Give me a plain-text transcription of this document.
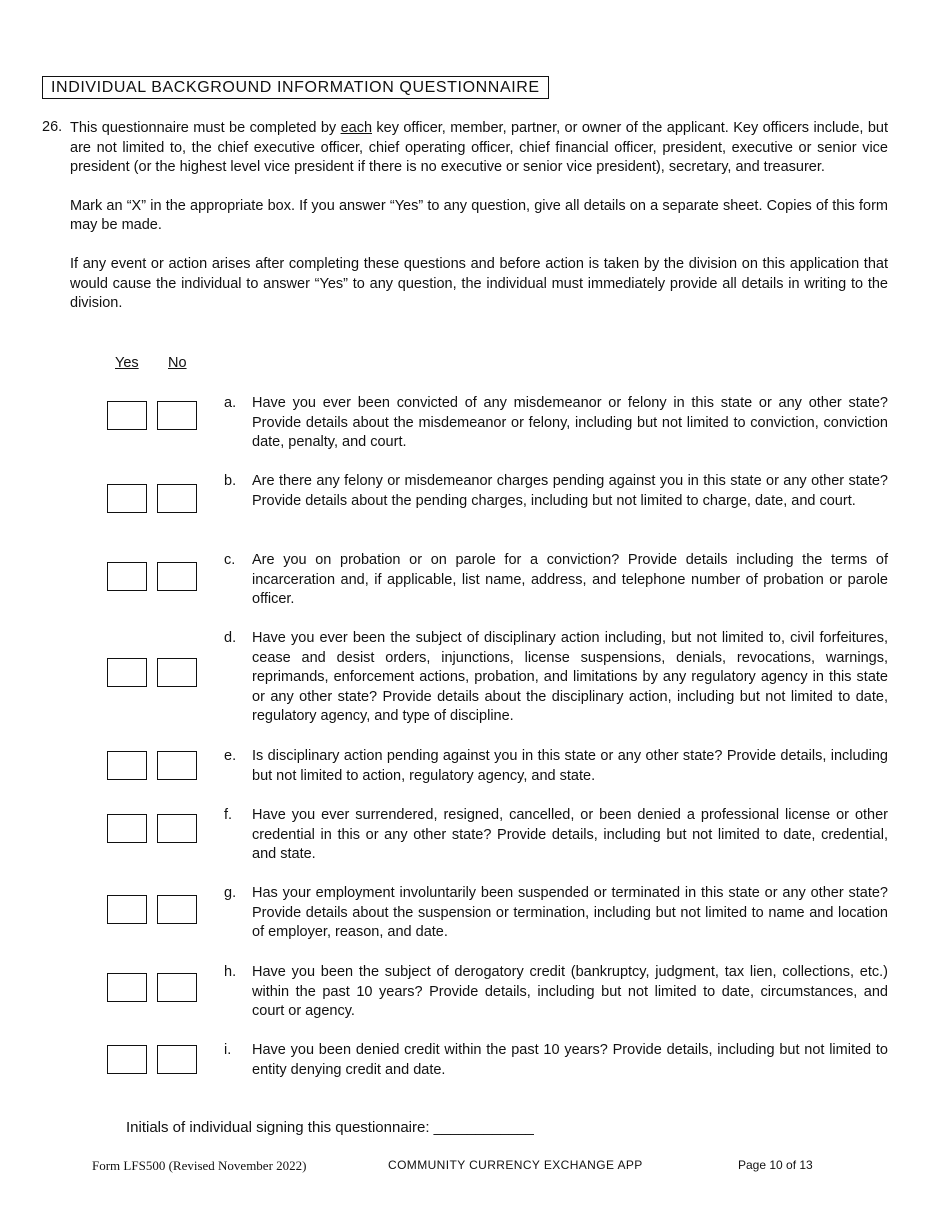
INDIVIDUAL BACKGROUND INFORMATION QUESTIONNAIRE
26. This questionnaire must be completed by each key officer, member, partner, or owner of the applicant. Key officers include, but are not limited to, the chief executive officer, chief operating officer, chief financial officer, president, executive or senior vice president (or the highest level vice president if there is no executive or senior vice president), secretary, and treasurer.

Mark an “X” in the appropriate box. If you answer “Yes” to any question, give all details on a separate sheet. Copies of this form may be made.

If any event or action arises after completing these questions and before action is taken by the division on this application that would cause the individual to answer “Yes” to any question, the individual must immediately provide all details in writing to the division.

Yes No
a. Have you ever been convicted of any misdemeanor or felony in this state or any other state? Provide details about the misdemeanor or felony, including but not limited to conviction, conviction date, penalty, and court.
b. Are there any felony or misdemeanor charges pending against you in this state or any other state? Provide details about the pending charges, including but not limited to charge, date, and court.
c. Are you on probation or on parole for a conviction? Provide details including the terms of incarceration and, if applicable, list name, address, and telephone number of probation or parole officer.
d. Have you ever been the subject of disciplinary action including, but not limited to, civil forfeitures, cease and desist orders, injunctions, license suspensions, denials, revocations, warnings, reprimands, enforcement actions, probation, and limitations by any regulatory agency in this state or any other state? Provide details about the disciplinary action, including but not limited to date, regulatory agency, and type of discipline.
e. Is disciplinary action pending against you in this state or any other state? Provide details, including but not limited to action, regulatory agency, and state.
f. Have you ever surrendered, resigned, cancelled, or been denied a professional license or other credential in this or any other state? Provide details, including but not limited to date, credential, and state.
g. Has your employment involuntarily been suspended or terminated in this state or any other state? Provide details about the suspension or termination, including but not limited to name and location of employer, reason, and date.
h. Have you been the subject of derogatory credit (bankruptcy, judgment, tax lien, collections, etc.) within the past 10 years? Provide details, including but not limited to date, circumstances, and court or agency.
i. Have you been denied credit within the past 10 years? Provide details, including but not limited to entity denying credit and date.
Initials of individual signing this questionnaire: ____________
Form LFS500 (Revised November 2022)	COMMUNITY CURRENCY EXCHANGE APP	Page 10 of 13
